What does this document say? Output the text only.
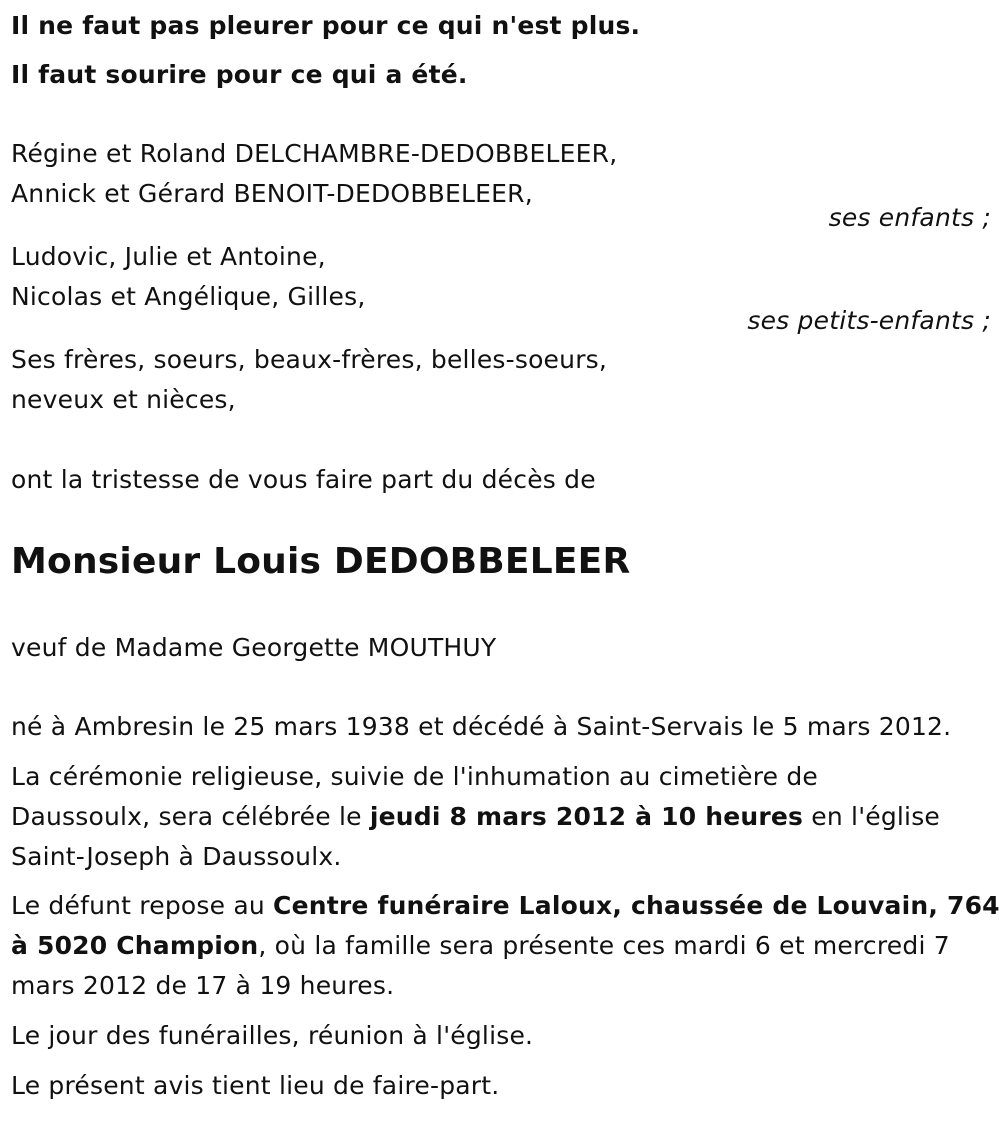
Il ne faut pas pleurer pour ce qui n'est plus.
Il faut sourire pour ce qui a été.
Régine et Roland DELCHAMBRE-DEDOBBELEER,
Annick et Gérard BENOIT-DEDOBBELEER,
ses enfants ;
Ludovic, Julie et Antoine,
Nicolas et Angélique, Gilles,
ses petits-enfants ;
Ses frères, soeurs, beaux-frères, belles-soeurs,
neveux et nièces,
ont la tristesse de vous faire part du décès de
Monsieur Louis DEDOBBELEER
veuf de Madame Georgette MOUTHUY
né à Ambresin le 25 mars 1938 et décédé à Saint-Servais le 5 mars 2012.
La cérémonie religieuse, suivie de l'inhumation au cimetière de
Daussoulx, sera célébrée le jeudi 8 mars 2012 à 10 heures en l'église
Saint-Joseph à Daussoulx.
Le défunt repose au Centre funéraire Laloux, chaussée de Louvain, 764
à 5020 Champion, où la famille sera présente ces mardi 6 et mercredi 7
mars 2012 de 17 à 19 heures.
Le jour des funérailles, réunion à l'église.
Le présent avis tient lieu de faire-part.
